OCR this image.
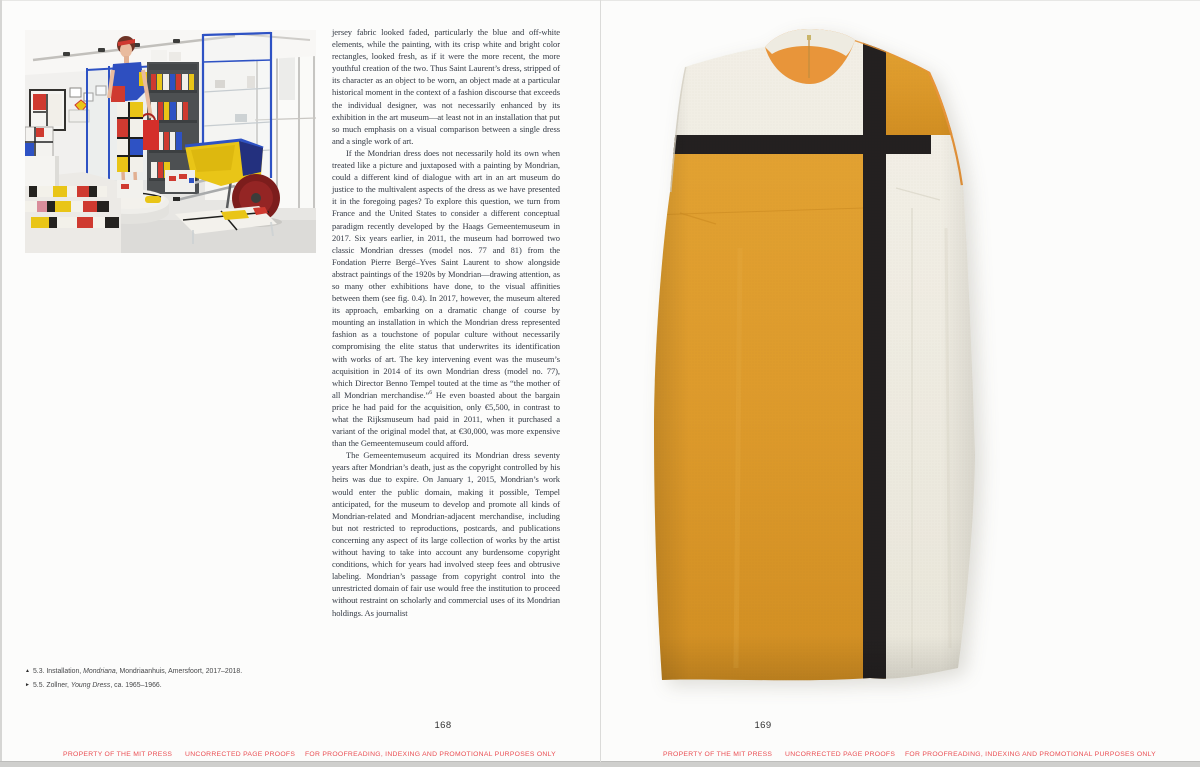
jersey fabric looked faded, particularly the blue and off-white elements, while the painting, with its crisp white and bright color rectangles, looked fresh, as if it were the more recent, the more youthful creation of the two. Thus Saint Laurent’s dress, stripped of its character as an object to be worn, an object made at a particular historical moment in the context of a fashion discourse that exceeds the individual designer, was not necessarily enhanced by its exhibition in the art museum—at least not in an installation that put so much emphasis on a visual comparison between a single dress and a single work of art.

If the Mondrian dress does not necessarily hold its own when treated like a picture and juxtaposed with a painting by Mondrian, could a different kind of dialogue with art in an art museum do justice to the multivalent aspects of the dress as we have presented it in the foregoing pages? To explore this question, we turn from France and the United States to consider a different conceptual paradigm recently developed by the Haags Gemeentemuseum in 2017. Six years earlier, in 2011, the museum had borrowed two classic Mondrian dresses (model nos. 77 and 81) from the Fondation Pierre Bergé–Yves Saint Laurent to show alongside abstract paintings of the 1920s by Mondrian—drawing attention, as so many other exhibitions have done, to the visual affinities between them (see fig. 0.4). In 2017, however, the museum altered its approach, embarking on a dramatic change of course by mounting an installation in which the Mondrian dress represented fashion as a touchstone of popular culture without necessarily compromising the elite status that underwrites its identification with works of art. The key intervening event was the museum’s acquisition in 2014 of its own Mondrian dress (model no. 77), which Director Benno Tempel touted at the time as “the mother of all Mondrian merchandise.”$^6$ He even boasted about the bargain price he had paid for the acquisition, only €5,500, in contrast to what the Rijksmuseum had paid in 2011, when it purchased a variant of the original model that, at €30,000, was more expensive than the Gemeentemuseum could afford.

The Gemeentemuseum acquired its Mondrian dress seventy years after Mondrian’s death, just as the copyright controlled by his heirs was due to expire. On January 1, 2015, Mondrian’s work would enter the public domain, making it possible, Tempel anticipated, for the museum to develop and promote all kinds of Mondrian-related and Mondrian-adjacent merchandise, including but not restricted to reproductions, postcards, and publications concerning any aspect of its large collection of works by the artist without having to take into account any burdensome copyright conditions, which for years had involved steep fees and obtrusive labeling. Mondrian’s passage from copyright control into the unrestricted domain of fair use would free the institution to proceed without restraint on scholarly and commercial uses of its Mondrian holdings. As journalist

▲ 5.3. Installation, Mondriana, Mondriaanhuis, Amersfoort, 2017–2018.
► 5.5. Zollner, Young Dress, ca. 1965–1966.
168	169
PROPERTY OF THE MIT PRESS UNCORRECTED PAGE PROOFS FOR PROOFREADING, INDEXING AND PROMOTIONAL PURPOSES ONLY	PROPERTY OF THE MIT PRESS UNCORRECTED PAGE PROOFS FOR PROOFREADING, INDEXING AND PROMOTIONAL PURPOSES ONLY
